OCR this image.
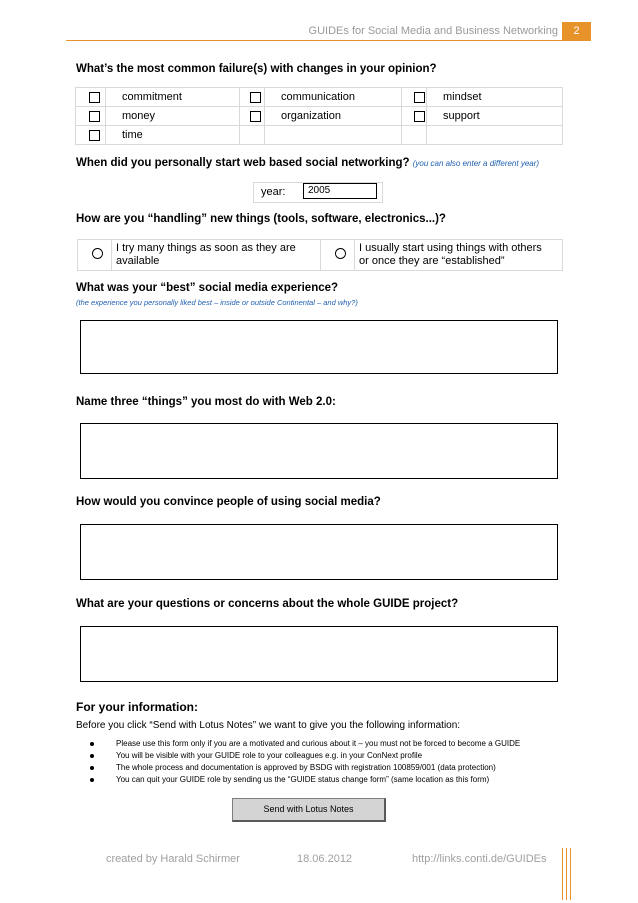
GUIDEs for Social Media and Business Networking	2
What’s the most common failure(s) with changes in your opinion?
	commitment		communication		mindset
	money		organization		support
	time				
When did you personally start web based social networking? (you can also enter a different year)
year:	2005
How are you “handling” new things (tools, software, electronics...)?

I try many things as soon as they are
available

I usually start using things with others
or once they are “established”
What was your “best” social media experience?
(the experience you personally liked best – inside or outside Continental – and why?)
Name three “things” you most do with Web 2.0:
How would you convince people of using social media?
What are your questions or concerns about the whole GUIDE project?
For your information:
Before you click “Send with Lotus Notes” we want to give you the following information:
Please use this form only if you are a motivated and curious about it – you must not be forced to become a GUIDE
You will be visible with your GUIDE role to your colleagues e.g. in your ConNext profile
The whole process and documentation is approved by BSDG with registration 100859/001 (data protection)
You can quit your GUIDE role by sending us the “GUIDE status change form” (same location as this form)
Send with Lotus Notes
created by Harald Schirmer	18.06.2012	http://links.conti.de/GUIDEs
